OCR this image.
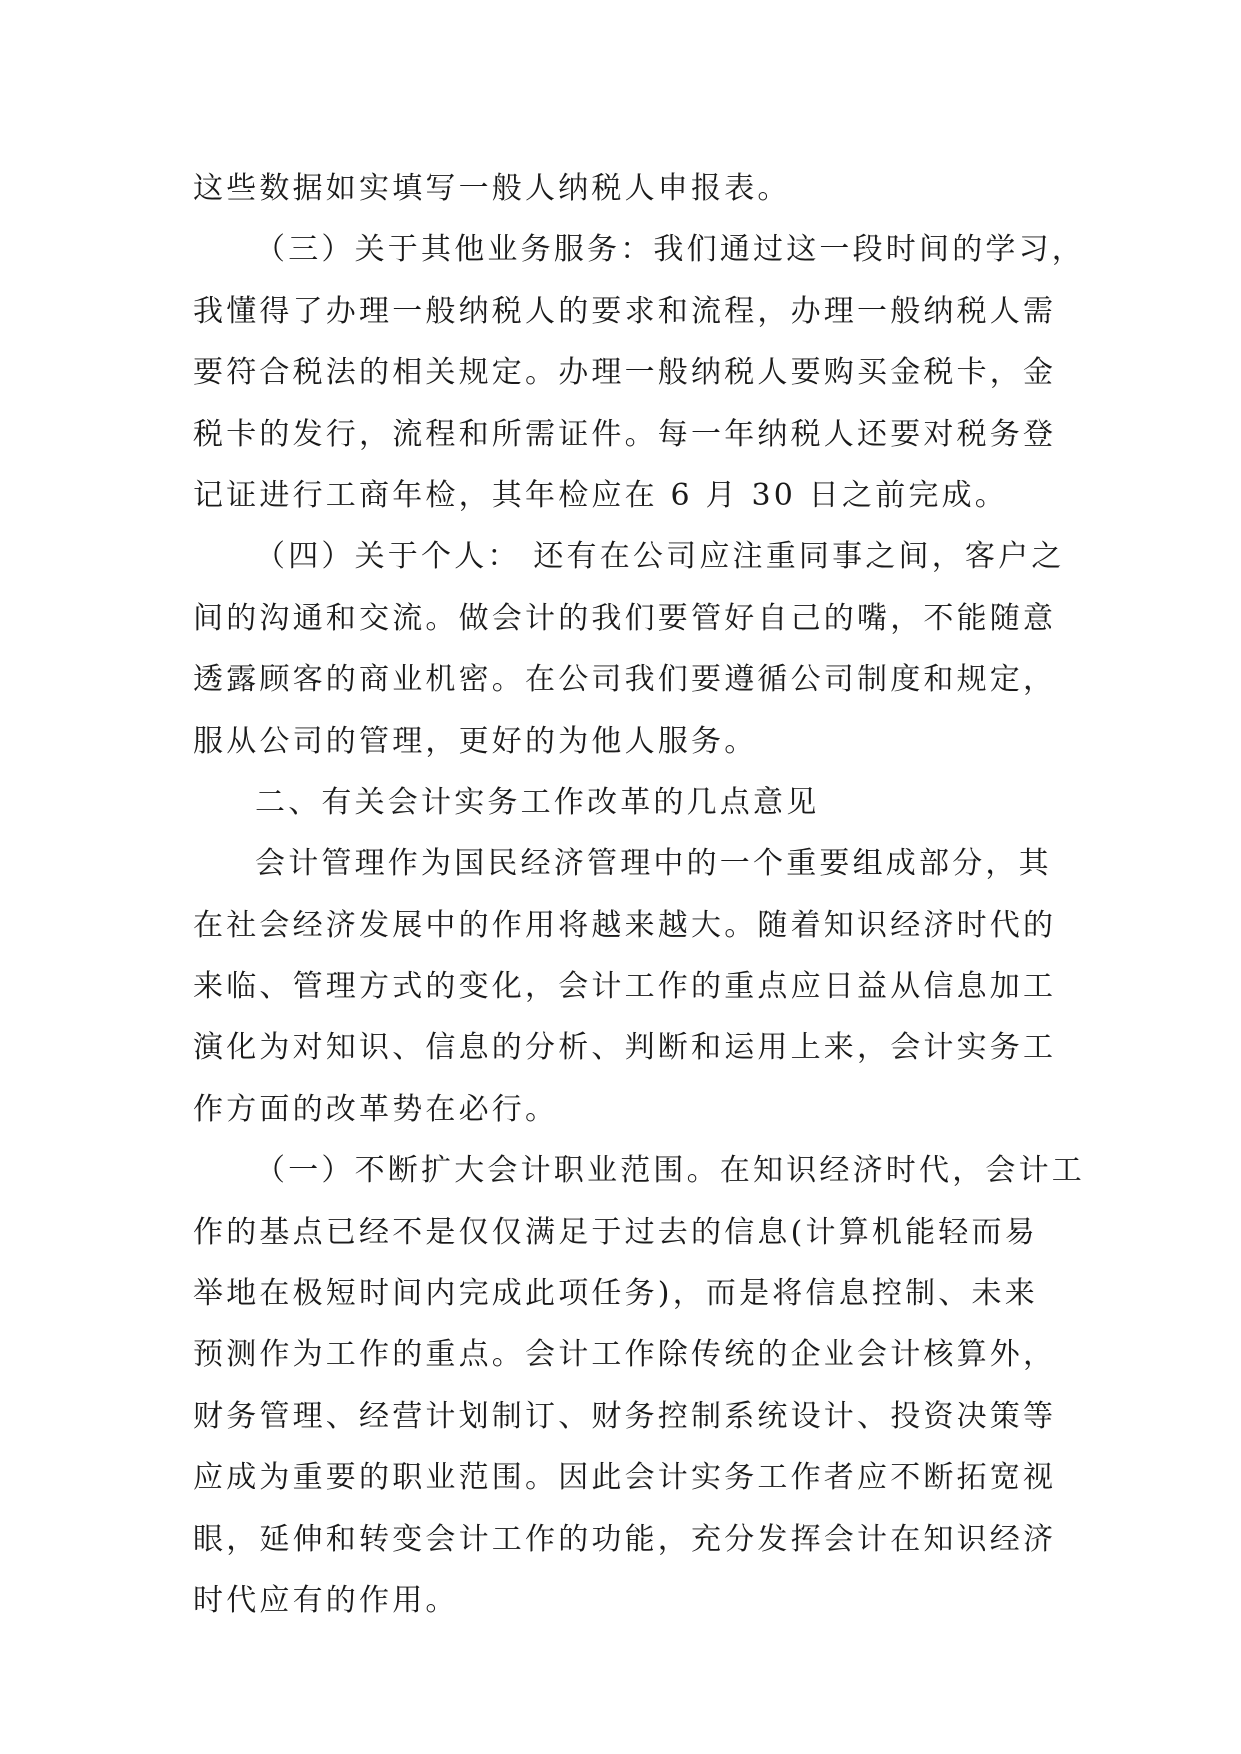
这些数据如实填写一般人纳税人申报表。
（三）关于其他业务服务：我们通过这一段时间的学习，
我懂得了办理一般纳税人的要求和流程，办理一般纳税人需
要符合税法的相关规定。办理一般纳税人要购买金税卡，金
税卡的发行，流程和所需证件。每一年纳税人还要对税务登
记证进行工商年检，其年检应在 6 月 30 日之前完成。
（四）关于个人： 还有在公司应注重同事之间，客户之
间的沟通和交流。做会计的我们要管好自己的嘴，不能随意
透露顾客的商业机密。在公司我们要遵循公司制度和规定，
服从公司的管理，更好的为他人服务。
二、有关会计实务工作改革的几点意见
会计管理作为国民经济管理中的一个重要组成部分，其
在社会经济发展中的作用将越来越大。随着知识经济时代的
来临、管理方式的变化，会计工作的重点应日益从信息加工
演化为对知识、信息的分析、判断和运用上来，会计实务工
作方面的改革势在必行。
（一）不断扩大会计职业范围。在知识经济时代，会计工
作的基点已经不是仅仅满足于过去的信息(计算机能轻而易
举地在极短时间内完成此项任务)，而是将信息控制、未来
预测作为工作的重点。会计工作除传统的企业会计核算外，
财务管理、经营计划制订、财务控制系统设计、投资决策等
应成为重要的职业范围。因此会计实务工作者应不断拓宽视
眼，延伸和转变会计工作的功能，充分发挥会计在知识经济
时代应有的作用。
